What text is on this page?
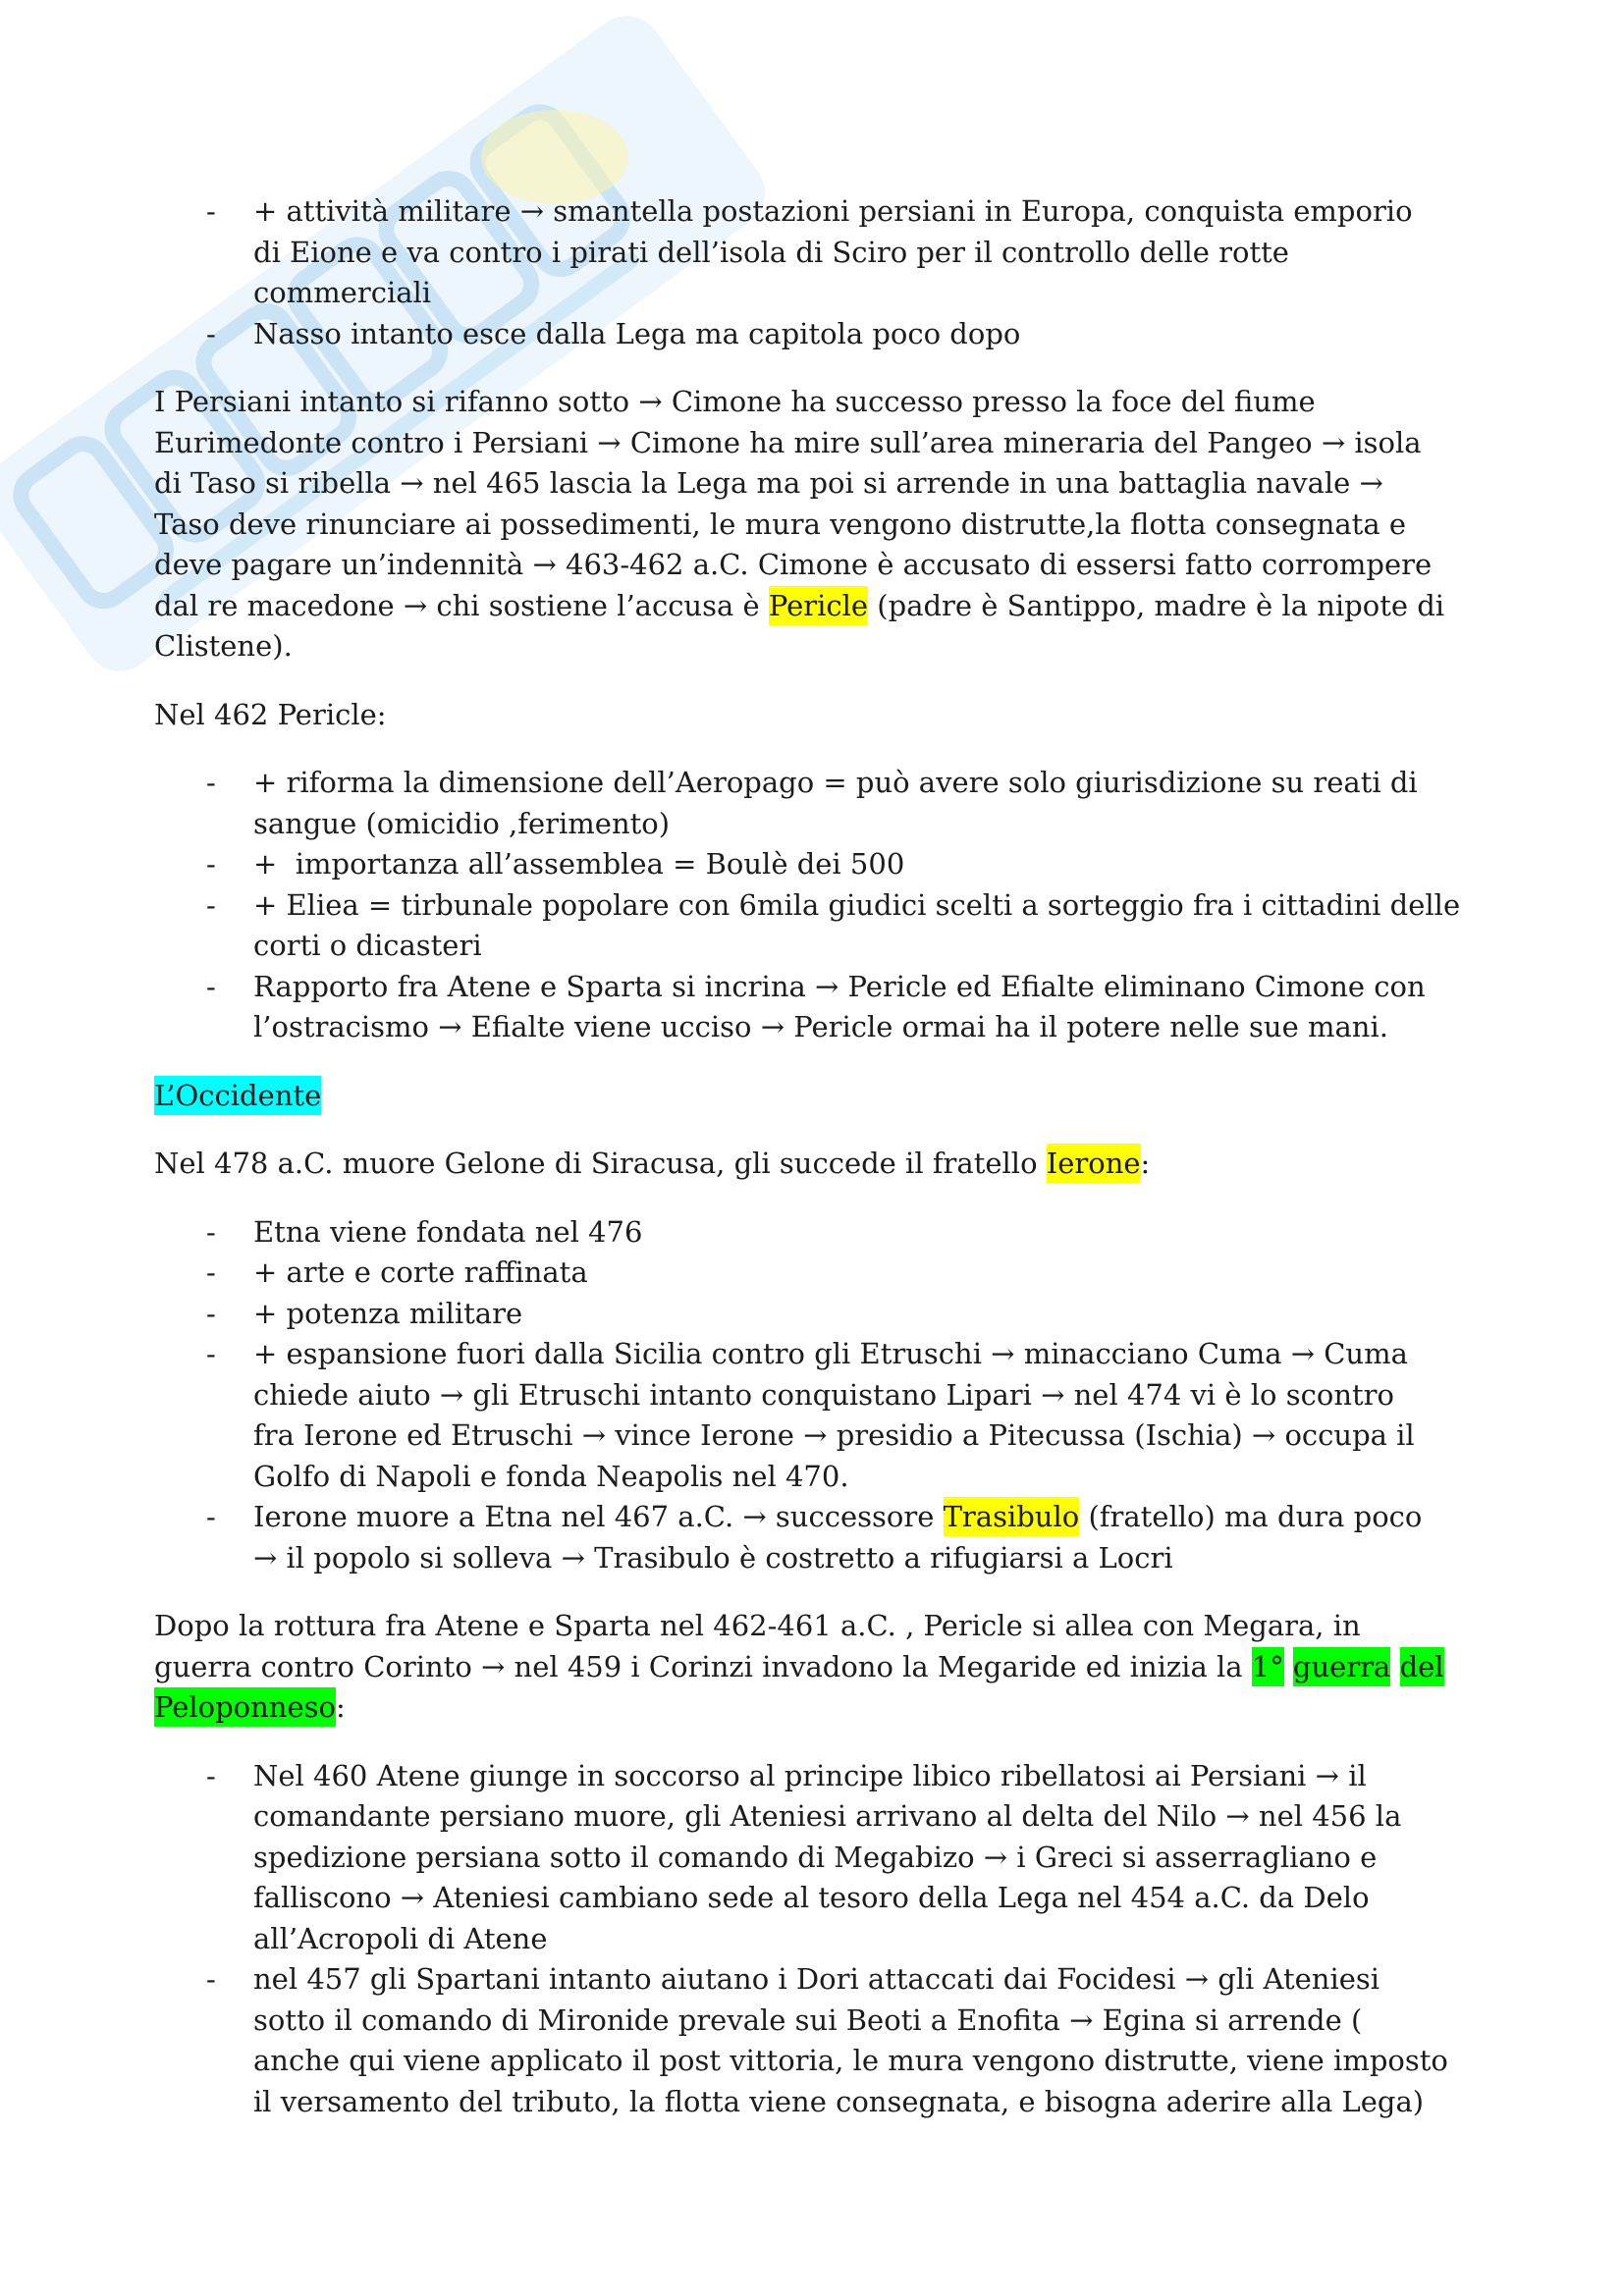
- + attività militare → smantella postazioni persiani in Europa, conquista emporio
di Eione e va contro i pirati dell’isola di Sciro per il controllo delle rotte
commerciali
- Nasso intanto esce dalla Lega ma capitola poco dopo
I Persiani intanto si rifanno sotto → Cimone ha successo presso la foce del fiume
Eurimedonte contro i Persiani → Cimone ha mire sull’area mineraria del Pangeo → isola
di Taso si ribella → nel 465 lascia la Lega ma poi si arrende in una battaglia navale →
Taso deve rinunciare ai possedimenti, le mura vengono distrutte,la flotta consegnata e
deve pagare un’indennità → 463-462 a.C. Cimone è accusato di essersi fatto corrompere
dal re macedone → chi sostiene l’accusa è Pericle (padre è Santippo, madre è la nipote di
Clistene).
Nel 462 Pericle:
- + riforma la dimensione dell’Aeropago = può avere solo giurisdizione su reati di
sangue (omicidio ,ferimento)
- +  importanza all’assemblea = Boulè dei 500
- + Eliea = tirbunale popolare con 6mila giudici scelti a sorteggio fra i cittadini delle
corti o dicasteri
- Rapporto fra Atene e Sparta si incrina → Pericle ed Efialte eliminano Cimone con
l’ostracismo → Efialte viene ucciso → Pericle ormai ha il potere nelle sue mani.
L’Occidente
Nel 478 a.C. muore Gelone di Siracusa, gli succede il fratello Ierone:
- Etna viene fondata nel 476
- + arte e corte raffinata
- + potenza militare
- + espansione fuori dalla Sicilia contro gli Etruschi → minacciano Cuma → Cuma
chiede aiuto → gli Etruschi intanto conquistano Lipari → nel 474 vi è lo scontro
fra Ierone ed Etruschi → vince Ierone → presidio a Pitecussa (Ischia) → occupa il
Golfo di Napoli e fonda Neapolis nel 470.
- Ierone muore a Etna nel 467 a.C. → successore Trasibulo (fratello) ma dura poco
→ il popolo si solleva → Trasibulo è costretto a rifugiarsi a Locri
Dopo la rottura fra Atene e Sparta nel 462-461 a.C. , Pericle si allea con Megara, in
guerra contro Corinto → nel 459 i Corinzi invadono la Megaride ed inizia la 1° guerra del
Peloponneso:
- Nel 460 Atene giunge in soccorso al principe libico ribellatosi ai Persiani → il
comandante persiano muore, gli Ateniesi arrivano al delta del Nilo → nel 456 la
spedizione persiana sotto il comando di Megabizo → i Greci si asserragliano e
falliscono → Ateniesi cambiano sede al tesoro della Lega nel 454 a.C. da Delo
all’Acropoli di Atene
- nel 457 gli Spartani intanto aiutano i Dori attaccati dai Focidesi → gli Ateniesi
sotto il comando di Mironide prevale sui Beoti a Enofita → Egina si arrende (
anche qui viene applicato il post vittoria, le mura vengono distrutte, viene imposto
il versamento del tributo, la flotta viene consegnata, e bisogna aderire alla Lega)
